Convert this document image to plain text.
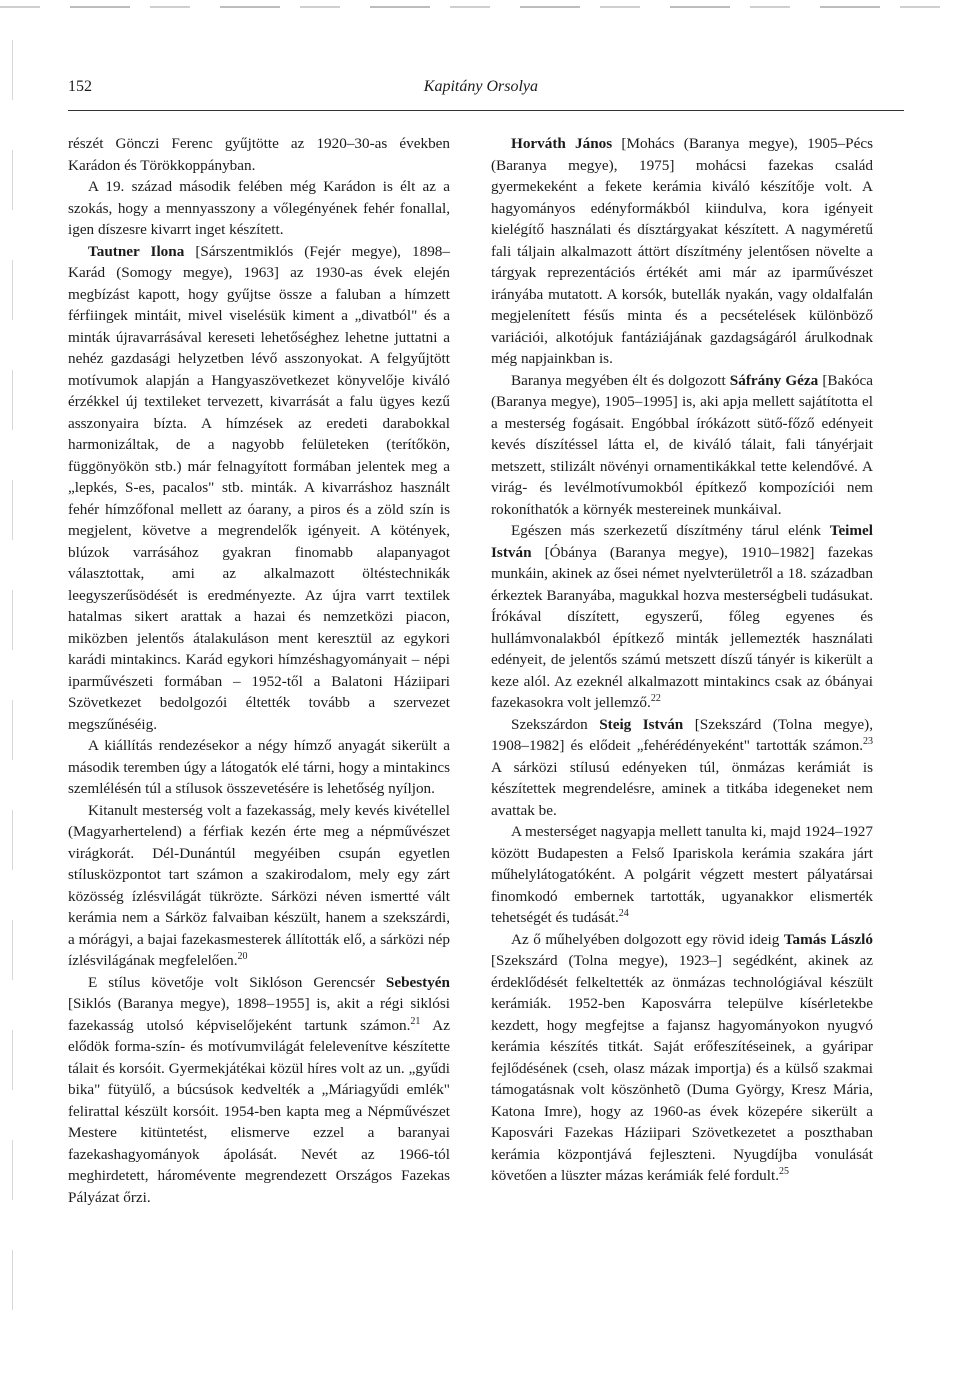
152	Kapitány Orsolya

részét Gönczi Ferenc gyűjtötte az 1920–30-as években Karádon és Törökkoppányban.

A 19. század második felében még Karádon is élt az a szokás, hogy a mennyasszony a vőlegényének fehér fonallal, igen díszesre kivarrt inget készített.

Tautner Ilona [Sárszentmiklós (Fejér megye), 1898–Karád (Somogy megye), 1963] az 1930-as évek elején megbízást kapott, hogy gyűjtse össze a faluban a hímzett férfiingek mintáit, mivel viselésük kiment a „divatból" és a minták újravarrásával kereseti lehetőséghez lehetne juttatni a nehéz gazdasági helyzetben lévő asszonyokat. A felgyűjtött motívumok alapján a Hangyaszövetkezet könyvelője kiváló érzékkel új textileket tervezett, kivarrását a falu ügyes kezű asszonyaira bízta. A hímzések az eredeti darabokkal harmonizáltak, de a nagyobb felületeken (terítőkön, függönyökön stb.) már felnagyított formában jelentek meg a „lepkés, S-es, pacalos" stb. minták. A kivarráshoz használt fehér hímzőfonal mellett az óarany, a piros és a zöld szín is megjelent, követve a megrendelők igényeit. A kötények, blúzok varrásához gyakran finomabb alapanyagot választottak, ami az alkalmazott öltéstechnikák leegyszerűsödését is eredményezte. Az újra varrt textilek hatalmas sikert arattak a hazai és nemzetközi piacon, miközben jelentős átalakuláson ment keresztül az egykori karádi mintakincs. Karád egykori hímzéshagyományait – népi iparművészeti formában – 1952-től a Balatoni Háziipari Szövetkezet bedolgozói éltették tovább a szervezet megszűnéséig.

A kiállítás rendezésekor a négy hímző anyagát sikerült a második teremben úgy a látogatók elé tárni, hogy a mintakincs szemlélésén túl a stílusok összevetésére is lehetőség nyíljon.

Kitanult mesterség volt a fazekasság, mely kevés kivétellel (Magyarhertelend) a férfiak kezén érte meg a népművészet virágkorát. Dél-Dunántúl megyéiben csupán egyetlen stílusközpontot tart számon a szakirodalom, mely egy zárt közösség ízlésvilágát tükrözte. Sárközi néven ismertté vált kerámia nem a Sárköz falvaiban készült, hanem a szekszárdi, a mórágyi, a bajai fazekasmesterek állították elő, a sárközi nép ízlésvilágának megfelelően.$^{20}$

E stílus követője volt Siklóson Gerencsér Sebestyén [Siklós (Baranya megye), 1898–1955] is, akit a régi siklósi fazekasság utolsó képviselőjeként tartunk számon.$^{21}$ Az elődök forma-szín- és motívumvilágát felelevenítve készítette tálait és korsóit. Gyermekjátékai közül híres volt az un. „gyűdi bika" fütyülő, a búcsúsok kedvelték a „Máriagyűdi emlék" felirattal készült korsóit. 1954-ben kapta meg a Népművészet Mestere kitüntetést, elismerve ezzel a baranyai fazekashagyományok ápolását. Nevét az 1966-tól meghirdetett, háromévente megrendezett Országos Fazekas Pályázat őrzi.

Horváth János [Mohács (Baranya megye), 1905–Pécs (Baranya megye), 1975] mohácsi fazekas család gyermekeként a fekete kerámia kiváló készítője volt. A hagyományos edényformákból kiindulva, kora igényeit kielégítő használati és dísztárgyakat készített. A nagyméretű fali táljain alkalmazott áttört díszítmény jelentősen növelte a tárgyak reprezentációs értékét ami már az iparművészet irányába mutatott. A korsók, butellák nyakán, vagy oldalfalán megjelenített fésűs minta és a pecsételések különböző variációi, alkotójuk fantáziájának gazdagságáról árulkodnak még napjainkban is.

Baranya megyében élt és dolgozott Sáfrány Géza [Bakóca (Baranya megye), 1905–1995] is, aki apja mellett sajátította el a mesterség fogásait. Engóbbal írókázott sütő-főző edényeit kevés díszítéssel látta el, de kiváló tálait, fali tányérjait metszett, stilizált növényi ornamentikákkal tette kelendővé. A virág- és levélmotívumokból építkező kompozíciói nem rokoníthatók a környék mestereinek munkáival.

Egészen más szerkezetű díszítmény tárul elénk Teimel István [Óbánya (Baranya megye), 1910–1982] fazekas munkáin, akinek az ősei német nyelvterületről a 18. században érkeztek Baranyába, magukkal hozva mesterségbeli tudásukat. Írókával díszített, egyszerű, főleg egyenes és hullámvonalakból építkező minták jellemezték használati edényeit, de jelentős számú metszett díszű tányér is kikerült a keze alól. Az ezeknél alkalmazott mintakincs csak az óbányai fazekasokra volt jellemző.$^{22}$

Szekszárdon Steig István [Szekszárd (Tolna megye), 1908–1982] és elődeit „fehérédényeként" tartották számon.$^{23}$ A sárközi stílusú edényeken túl, önmázas kerámiát is készítettek megrendelésre, aminek a titkába idegeneket nem avattak be.

A mesterséget nagyapja mellett tanulta ki, majd 1924–1927 között Budapesten a Felső Ipariskola kerámia szakára járt műhelylátogatóként. A polgárit végzett mestert pályatársai finomkodó embernek tartották, ugyanakkor elismerték tehetségét és tudását.$^{24}$

Az ő műhelyében dolgozott egy rövid ideig Tamás László [Szekszárd (Tolna megye), 1923–] segédként, akinek az érdeklődését felkeltették az önmázas technológiával készült kerámiák. 1952-ben Kaposvárra települve kísérletekbe kezdett, hogy megfejtse a fajansz hagyományokon nyugvó kerámia készítés titkát. Saját erőfeszítéseinek, a gyáripar fejlődésének (cseh, olasz mázak importja) és a külső szakmai támogatásnak volt köszönhetõ (Duma György, Kresz Mária, Katona Imre), hogy az 1960-as évek közepére sikerült a Kaposvári Fazekas Háziipari Szövetkezetet a poszthaban kerámia központjává fejleszteni. Nyugdíjba vonulását követően a lüszter mázas kerámiák felé fordult.$^{25}$
